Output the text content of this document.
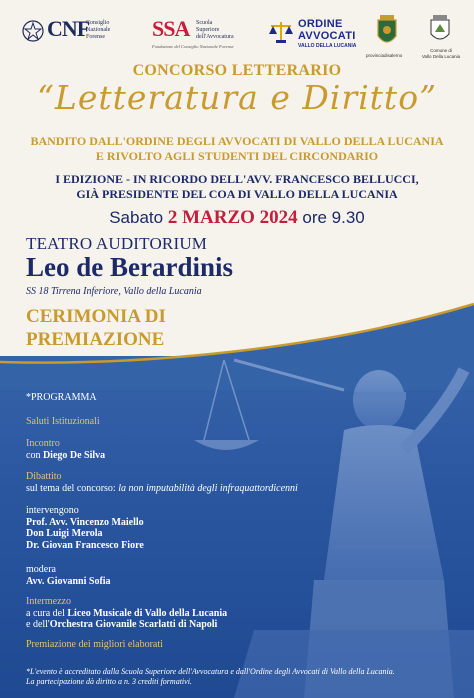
CNF
Consiglio
Nazionale
Forense	SSA Scuola
Superiore
dell'Avvocatura
Fondazione del Consiglio Nazionale Forense
ORDINE
AVVOCATI
VALLO DELLA LUCANIA
provinciadisalerno
Comune di
Vallo Della Lucania
CONCORSO LETTERARIO
“Letteratura e Diritto”
BANDITO DALL'ORDINE DEGLI AVVOCATI DI VALLO DELLA LUCANIA
E RIVOLTO AGLI STUDENTI DEL CIRCONDARIO
I EDIZIONE - IN RICORDO DELL'AVV. FRANCESCO BELLUCCI,
GIÀ PRESIDENTE DEL COA DI VALLO DELLA LUCANIA
Sabato 2 MARZO 2024 ore 9.30
TEATRO AUDITORIUM
Leo de Berardinis
SS 18 Tirrena Inferiore, Vallo della Lucania
CERIMONIA DI
PREMIAZIONE
*PROGRAMMA
Saluti Istituzionali
Incontro
con Diego De Silva
Dibattito
sul tema del concorso: la non imputabilità degli infraquattordicenni
intervengono
Prof. Avv. Vincenzo Maiello
Don Luigi Merola
Dr. Giovan Francesco Fiore
modera
Avv. Giovanni Sofia
Intermezzo
a cura del Liceo Musicale di Vallo della Lucania
e dell'Orchestra Giovanile Scarlatti di Napoli
Premiazione dei migliori elaborati
*L'evento è accreditato dalla Scuola Superiore dell'Avvocatura e dall'Ordine degli Avvocati di Vallo della Lucania.
La partecipazione dà diritto a n. 3 crediti formativi.
